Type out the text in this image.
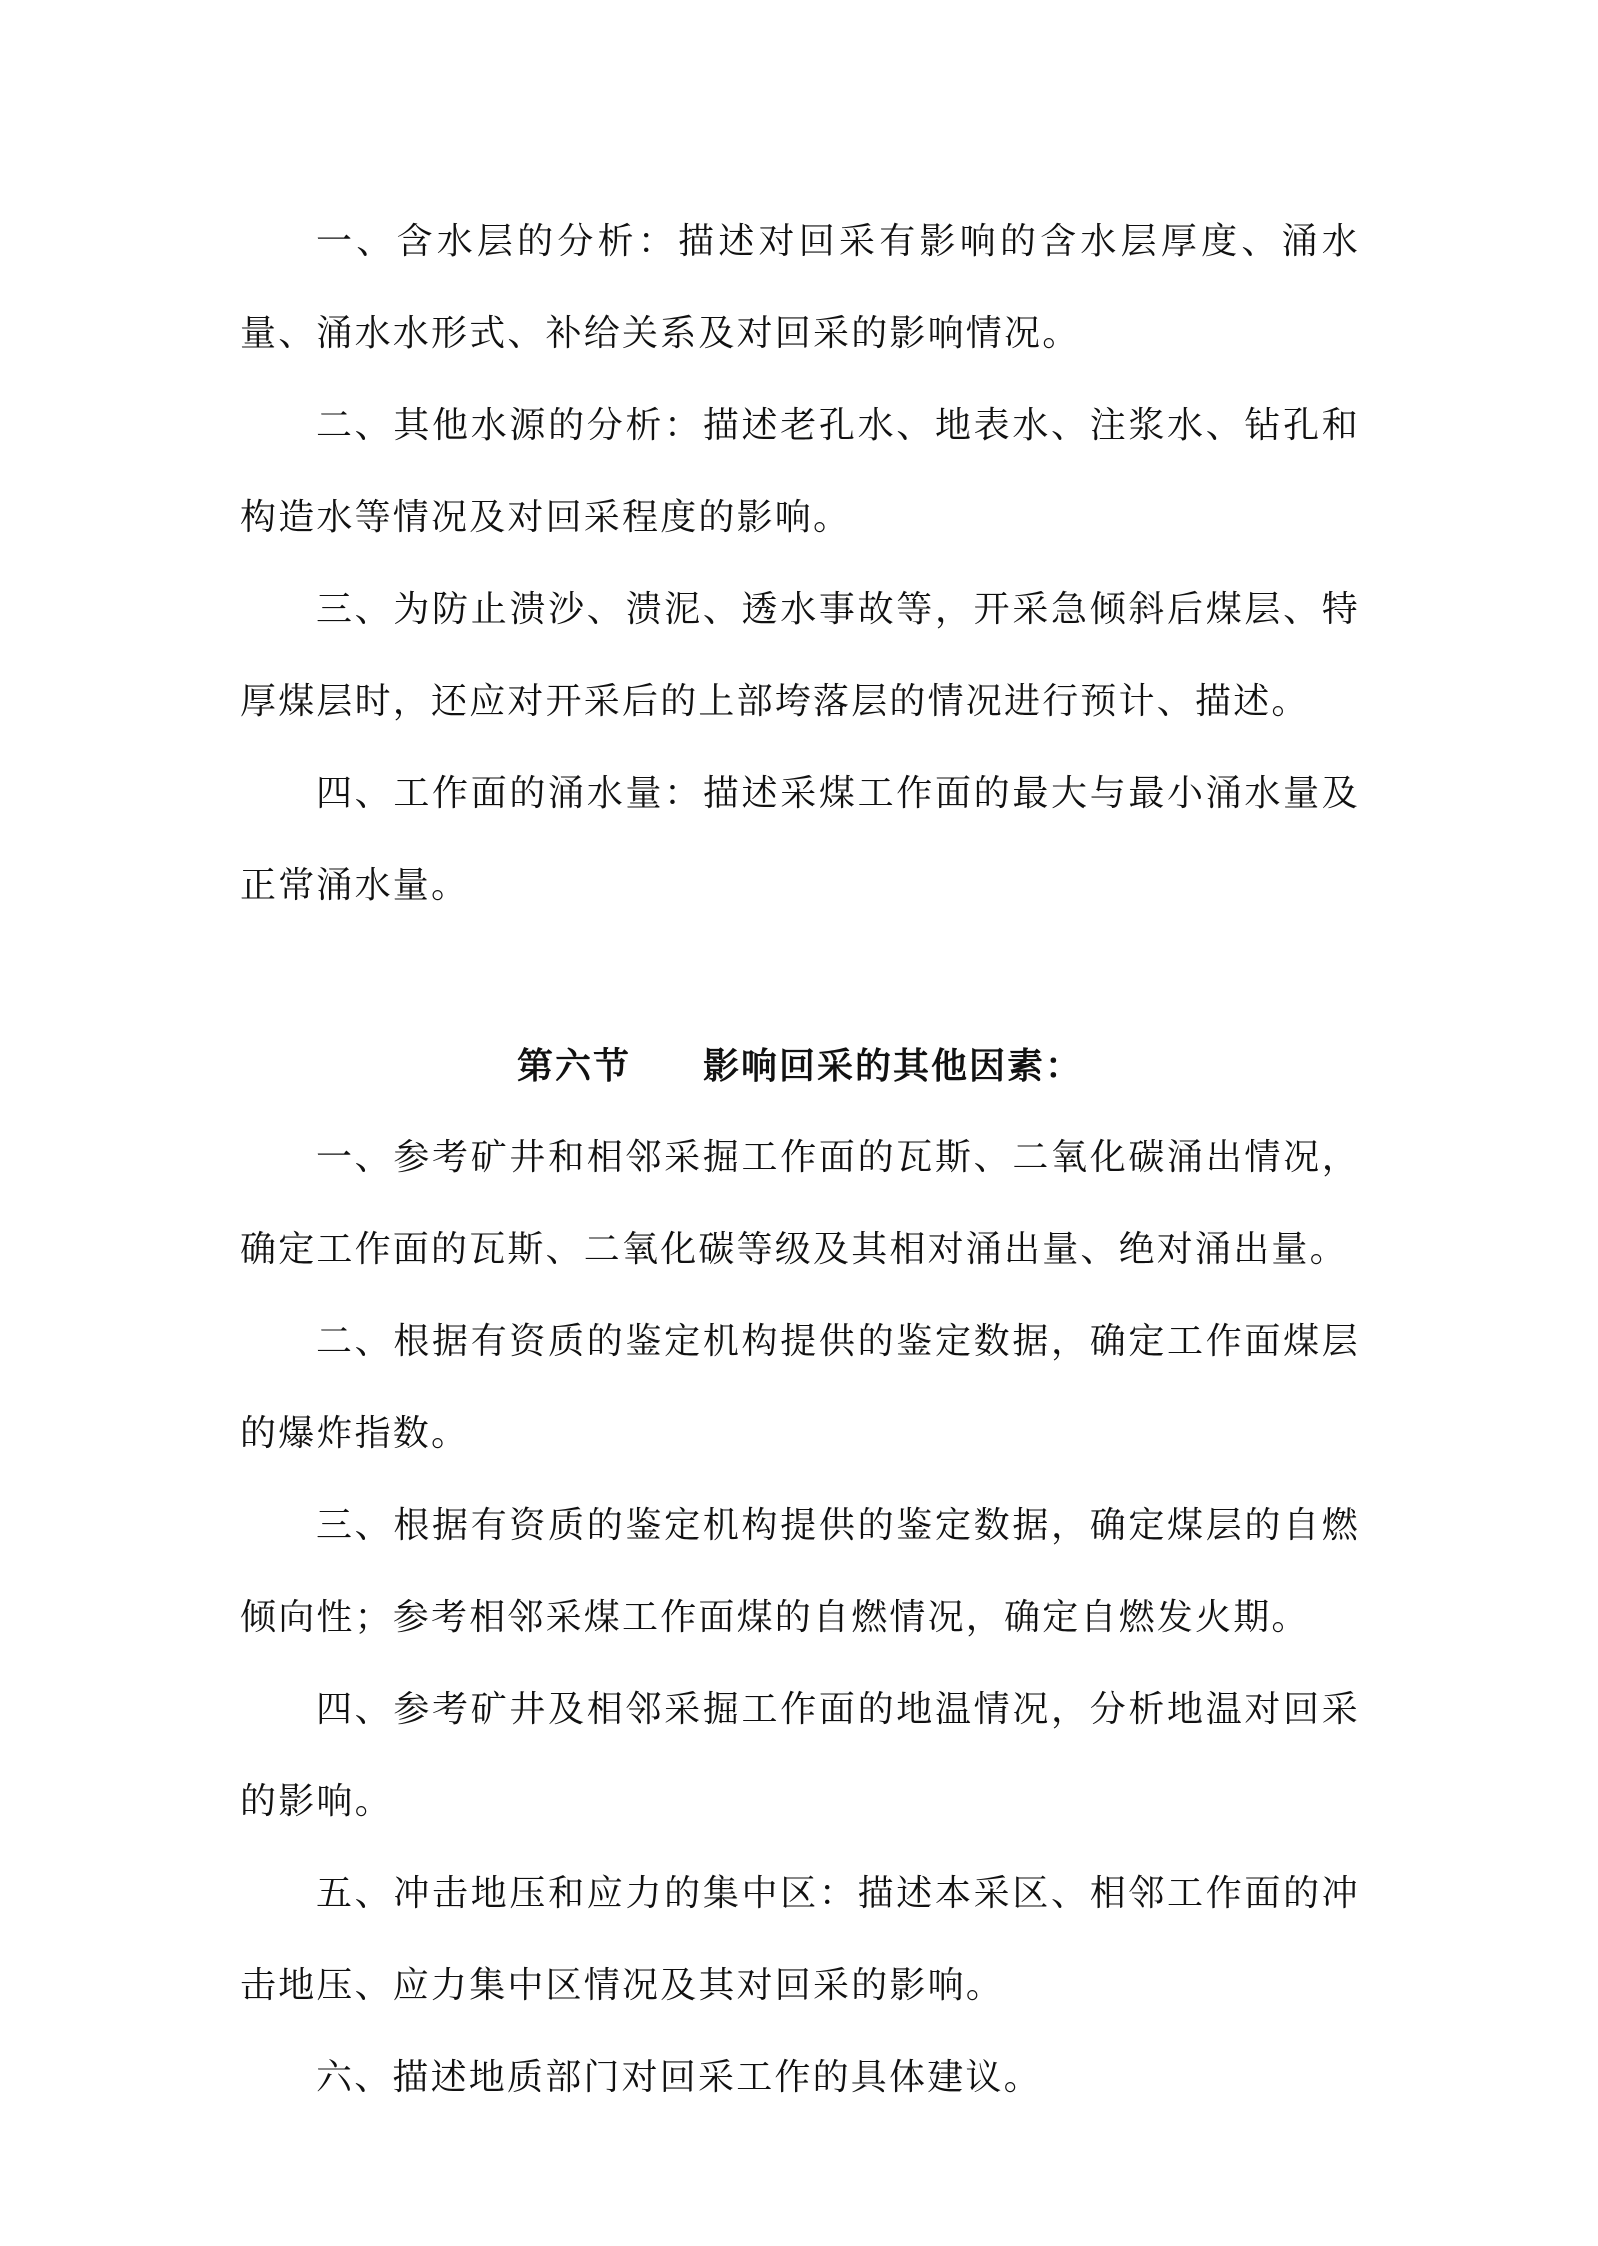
一、含水层的分析：描述对回采有影响的含水层厚度、涌水量、涌水水形式、补给关系及对回采的影响情况。

二、其他水源的分析：描述老孔水、地表水、注浆水、钻孔和构造水等情况及对回采程度的影响。

三、为防止溃沙、溃泥、透水事故等，开采急倾斜后煤层、特厚煤层时，还应对开采后的上部垮落层的情况进行预计、描述。

四、工作面的涌水量：描述采煤工作面的最大与最小涌水量及正常涌水量。

第六节 影响回采的其他因素：

一、参考矿井和相邻采掘工作面的瓦斯、二氧化碳涌出情况，确定工作面的瓦斯、二氧化碳等级及其相对涌出量、绝对涌出量。

二、根据有资质的鉴定机构提供的鉴定数据，确定工作面煤层的爆炸指数。

三、根据有资质的鉴定机构提供的鉴定数据，确定煤层的自燃倾向性；参考相邻采煤工作面煤的自燃情况，确定自燃发火期。

四、参考矿井及相邻采掘工作面的地温情况，分析地温对回采的影响。

五、冲击地压和应力的集中区：描述本采区、相邻工作面的冲击地压、应力集中区情况及其对回采的影响。

六、描述地质部门对回采工作的具体建议。
